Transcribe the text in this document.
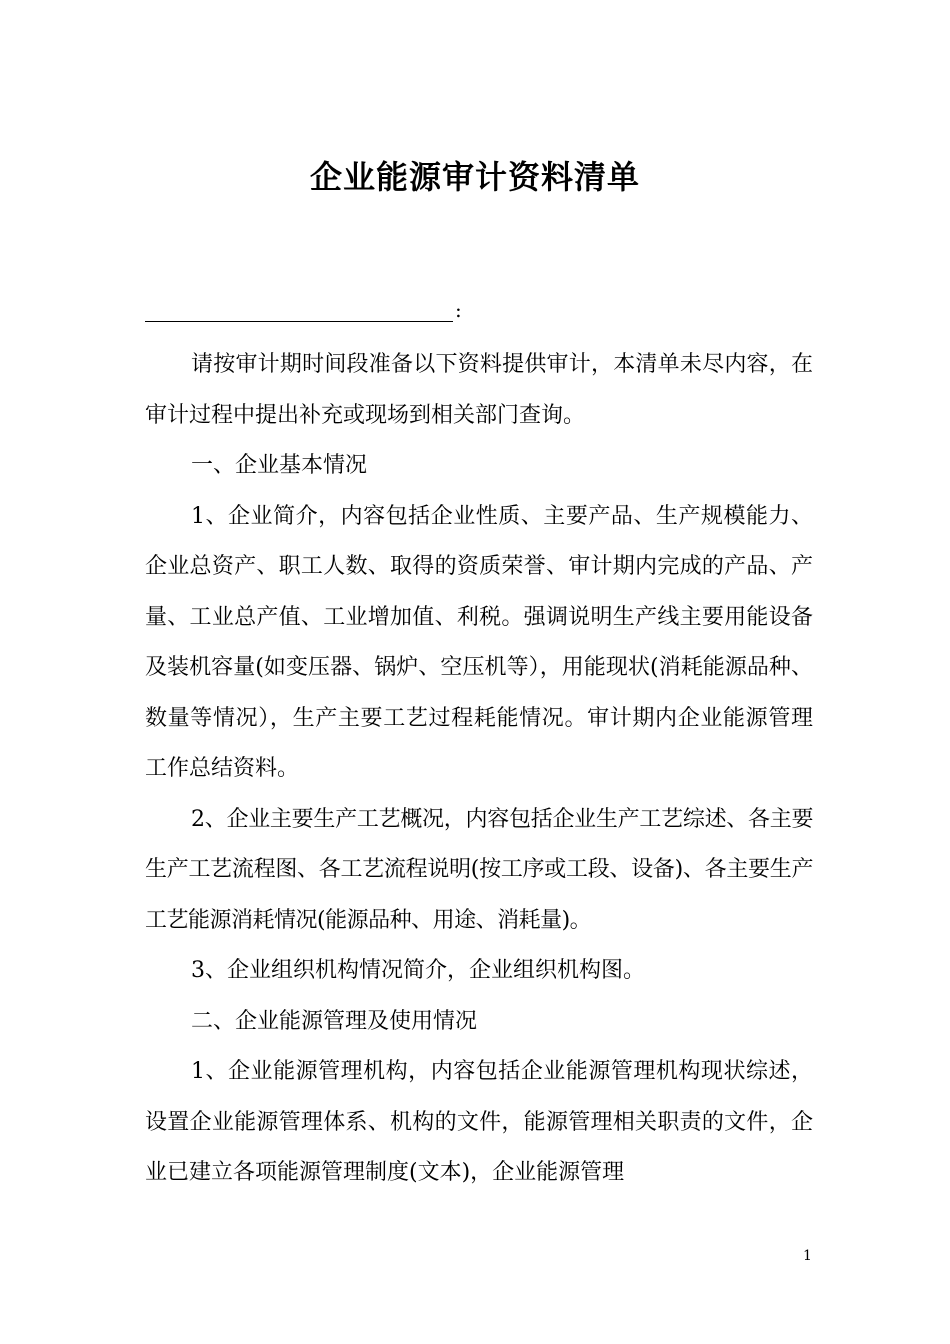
企业能源审计资料清单
:

请按审计期时间段准备以下资料提供审计，本清单未尽内容，在审计过程中提出补充或现场到相关部门查询。

一、企业基本情况

1、企业简介，内容包括企业性质、主要产品、生产规模能力、企业总资产、职工人数、取得的资质荣誉、审计期内完成的产品、产量、工业总产值、工业增加值、利税。强调说明生产线主要用能设备及装机容量(如变压器、锅炉、空压机等），用能现状(消耗能源品种、数量等情况），生产主要工艺过程耗能情况。审计期内企业能源管理工作总结资料。

2、企业主要生产工艺概况，内容包括企业生产工艺综述、各主要生产工艺流程图、各工艺流程说明(按工序或工段、设备)、各主要生产工艺能源消耗情况(能源品种、用途、消耗量)。

3、企业组织机构情况简介，企业组织机构图。

二、企业能源管理及使用情况

1、企业能源管理机构，内容包括企业能源管理机构现状综述，设置企业能源管理体系、机构的文件，能源管理相关职责的文件，企业已建立各项能源管理制度(文本)，企业能源管理

1
